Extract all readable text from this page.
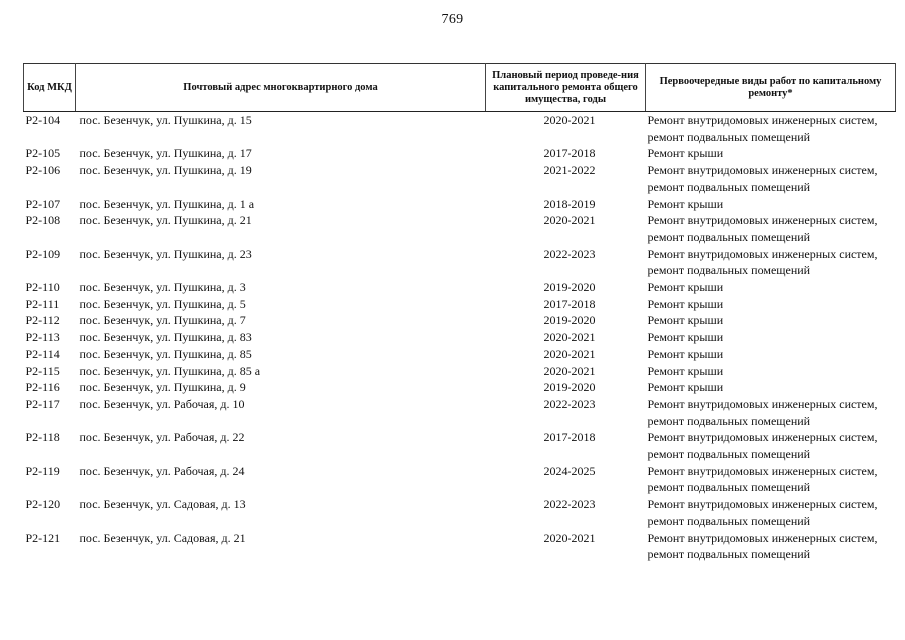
769
Код МКД	Почтовый адрес многоквартирного дома	Плановый период проведе-ния капитального ремонта общего имущества, годы	Первоочередные виды работ по капитальному ремонту*
Р2-104	пос. Безенчук, ул. Пушкина, д. 15	2020-2021	Ремонт внутридомовых инженерных систем,
ремонт подвальных помещений

Р2-105	пос. Безенчук, ул. Пушкина, д. 17	2017-2018	Ремонт крыши

Р2-106	пос. Безенчук, ул. Пушкина, д. 19	2021-2022	Ремонт внутридомовых инженерных систем,
ремонт подвальных помещений

Р2-107	пос. Безенчук, ул. Пушкина, д. 1 а	2018-2019	Ремонт крыши

Р2-108	пос. Безенчук, ул. Пушкина, д. 21	2020-2021	Ремонт внутридомовых инженерных систем,
ремонт подвальных помещений

Р2-109	пос. Безенчук, ул. Пушкина, д. 23	2022-2023	Ремонт внутридомовых инженерных систем,
ремонт подвальных помещений

Р2-110	пос. Безенчук, ул. Пушкина, д. 3	2019-2020	Ремонт крыши

Р2-111	пос. Безенчук, ул. Пушкина, д. 5	2017-2018	Ремонт крыши

Р2-112	пос. Безенчук, ул. Пушкина, д. 7	2019-2020	Ремонт крыши

Р2-113	пос. Безенчук, ул. Пушкина, д. 83	2020-2021	Ремонт крыши

Р2-114	пос. Безенчук, ул. Пушкина, д. 85	2020-2021	Ремонт крыши

Р2-115	пос. Безенчук, ул. Пушкина, д. 85 а	2020-2021	Ремонт крыши

Р2-116	пос. Безенчук, ул. Пушкина, д. 9	2019-2020	Ремонт крыши

Р2-117	пос. Безенчук, ул. Рабочая, д. 10	2022-2023	Ремонт внутридомовых инженерных систем,
ремонт подвальных помещений

Р2-118	пос. Безенчук, ул. Рабочая, д. 22	2017-2018	Ремонт внутридомовых инженерных систем,
ремонт подвальных помещений

Р2-119	пос. Безенчук, ул. Рабочая, д. 24	2024-2025	Ремонт внутридомовых инженерных систем,
ремонт подвальных помещений

Р2-120	пос. Безенчук, ул. Садовая, д. 13	2022-2023	Ремонт внутридомовых инженерных систем,
ремонт подвальных помещений

Р2-121	пос. Безенчук, ул. Садовая, д. 21	2020-2021	Ремонт внутридомовых инженерных систем,
ремонт подвальных помещений
